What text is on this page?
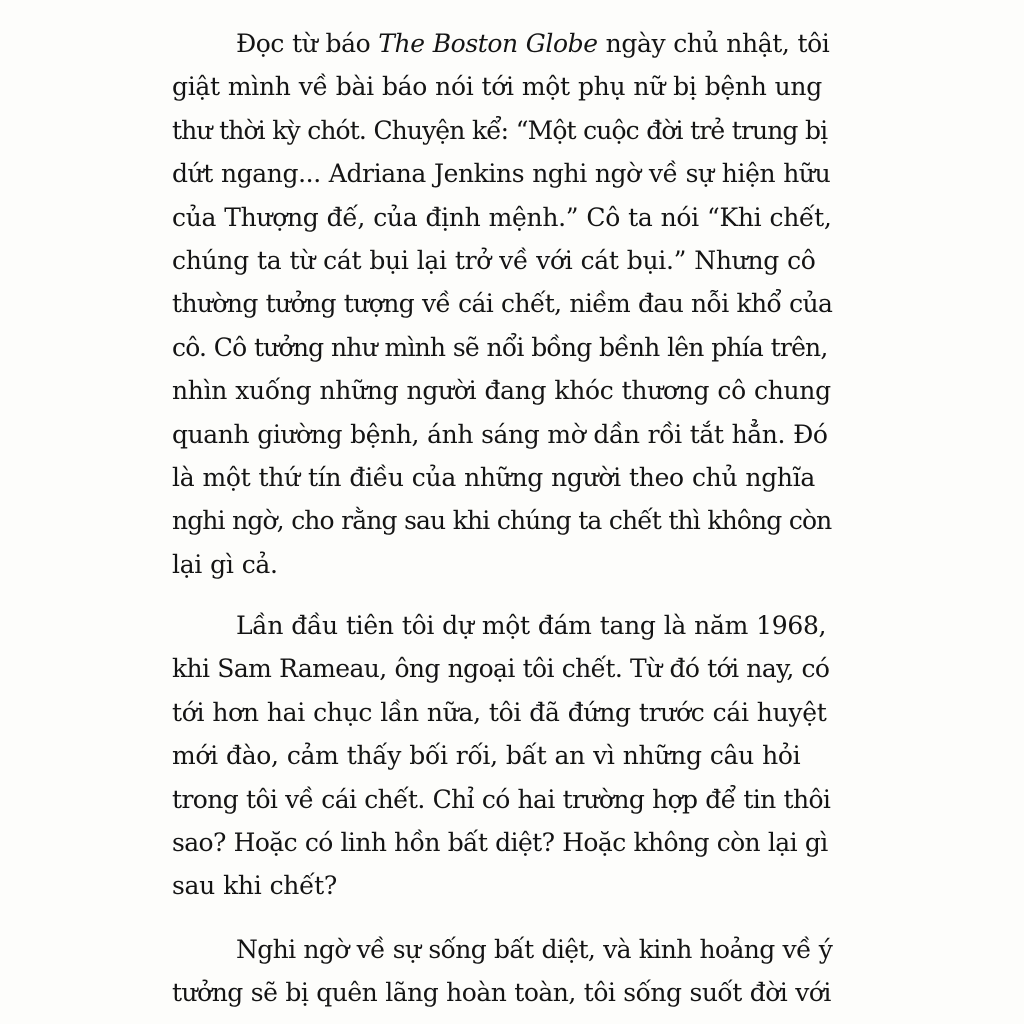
Đọc từ báo The Boston Globe ngày chủ nhật, tôi
giật mình về bài báo nói tới một phụ nữ bị bệnh ung
thư thời kỳ chót. Chuyện kể: “Một cuộc đời trẻ trung bị
dứt ngang... Adriana Jenkins nghi ngờ về sự hiện hữu
của Thượng đế, của định mệnh.” Cô ta nói “Khi chết,
chúng ta từ cát bụi lại trở về với cát bụi.” Nhưng cô
thường tưởng tượng về cái chết, niềm đau nỗi khổ của
cô. Cô tưởng như mình sẽ nổi bồng bềnh lên phía trên,
nhìn xuống những người đang khóc thương cô chung
quanh giường bệnh, ánh sáng mờ dần rồi tắt hẳn. Đó
là một thứ tín điều của những người theo chủ nghĩa
nghi ngờ, cho rằng sau khi chúng ta chết thì không còn
lại gì cả.
Lần đầu tiên tôi dự một đám tang là năm 1968,
khi Sam Rameau, ông ngoại tôi chết. Từ đó tới nay, có
tới hơn hai chục lần nữa, tôi đã đứng trước cái huyệt
mới đào, cảm thấy bối rối, bất an vì những câu hỏi
trong tôi về cái chết. Chỉ có hai trường hợp để tin thôi
sao? Hoặc có linh hồn bất diệt? Hoặc không còn lại gì
sau khi chết?
Nghi ngờ về sự sống bất diệt, và kinh hoảng về ý
tưởng sẽ bị quên lãng hoàn toàn, tôi sống suốt đời với
